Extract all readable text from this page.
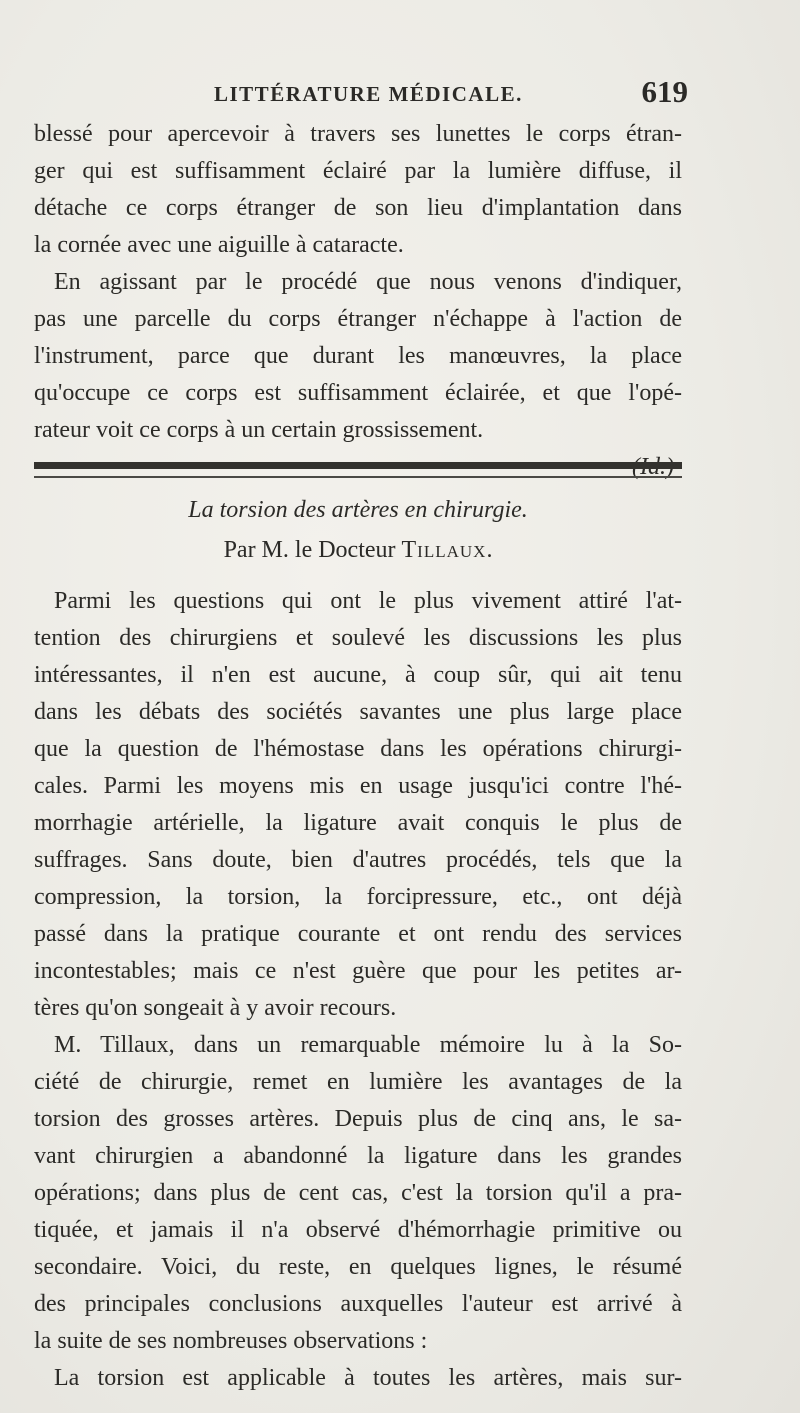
LITTÉRATURE MÉDICALE.	619
blessé pour apercevoir à travers ses lunettes le corps étran-
ger qui est suffisamment éclairé par la lumière diffuse, il
détache ce corps étranger de son lieu d'implantation dans
la cornée avec une aiguille à cataracte.
En agissant par le procédé que nous venons d'indiquer,
pas une parcelle du corps étranger n'échappe à l'action de
l'instrument, parce que durant les manœuvres, la place
qu'occupe ce corps est suffisamment éclairée, et que l'opé-
rateur voit ce corps à un certain grossissement.
La torsion des artères en chirurgie.
Par M. le Docteur Tillaux.
Parmi les questions qui ont le plus vivement attiré l'at-
tention des chirurgiens et soulevé les discussions les plus
intéressantes, il n'en est aucune, à coup sûr, qui ait tenu
dans les débats des sociétés savantes une plus large place
que la question de l'hémostase dans les opérations chirurgi-
cales. Parmi les moyens mis en usage jusqu'ici contre l'hé-
morrhagie artérielle, la ligature avait conquis le plus de
suffrages. Sans doute, bien d'autres procédés, tels que la
compression, la torsion, la forcipressure, etc., ont déjà
passé dans la pratique courante et ont rendu des services
incontestables; mais ce n'est guère que pour les petites ar-
tères qu'on songeait à y avoir recours.
M. Tillaux, dans un remarquable mémoire lu à la So-
ciété de chirurgie, remet en lumière les avantages de la
torsion des grosses artères. Depuis plus de cinq ans, le sa-
vant chirurgien a abandonné la ligature dans les grandes
opérations; dans plus de cent cas, c'est la torsion qu'il a pra-
tiquée, et jamais il n'a observé d'hémorrhagie primitive ou
secondaire. Voici, du reste, en quelques lignes, le résumé
des principales conclusions auxquelles l'auteur est arrivé à
la suite de ses nombreuses observations :
La torsion est applicable à toutes les artères, mais sur-
